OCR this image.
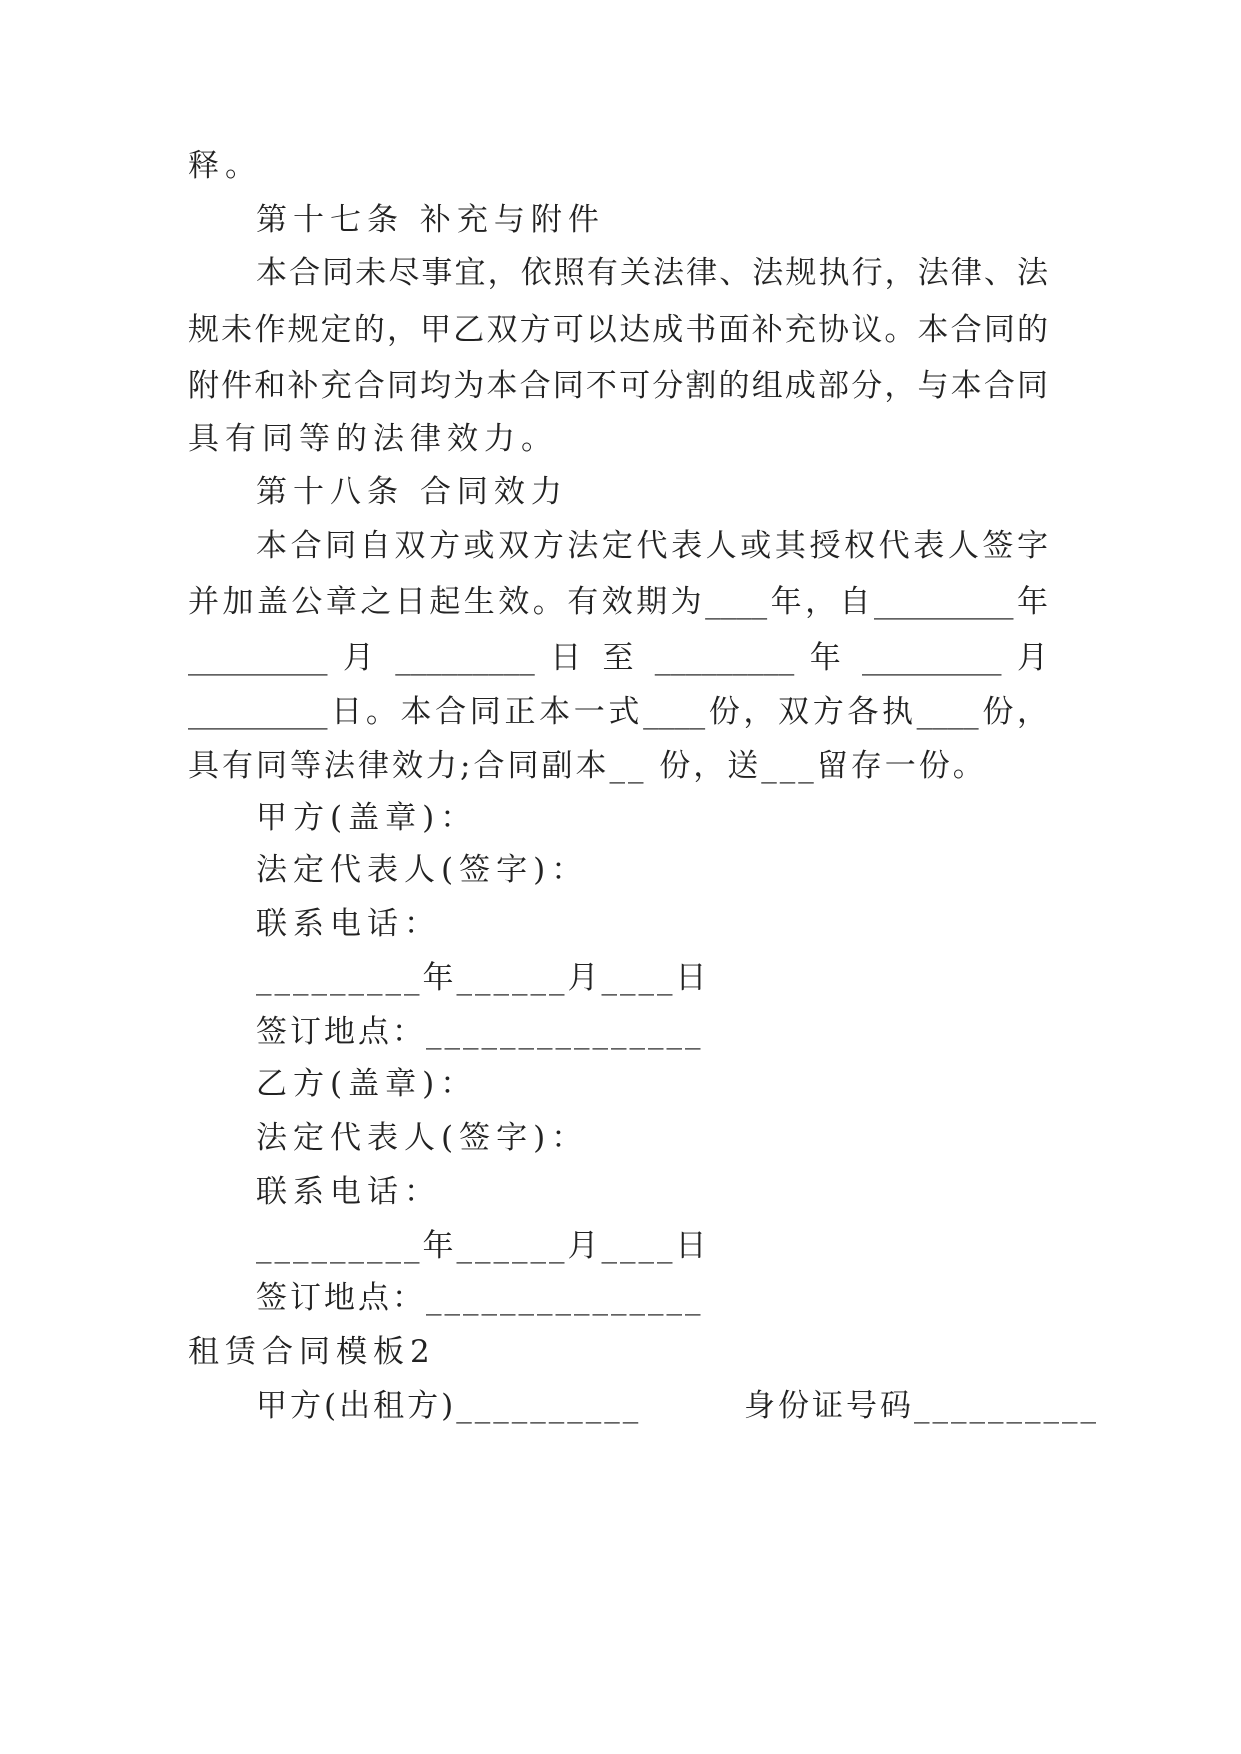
释。
第十七条 补充与附件
本合同未尽事宜，依照有关法律、法规执行，法律、法
规未作规定的，甲乙双方可以达成书面补充协议。本合同的
附件和补充合同均为本合同不可分割的组成部分，与本合同
具有同等的法律效力。
第十八条 合同效力
本合同自双方或双方法定代表人或其授权代表人签字
并加盖公章之日起生效。有效期为____年，自_________年
_________ 月 _________ 日 至 _________ 年 _________ 月
_________日。本合同正本一式____份，双方各执____份，
具有同等法律效力;合同副本__ 份，送___留存一份。
甲方(盖章)：
法定代表人(签字)：
联系电话：
_________年______月____日
签订地点：_______________
乙方(盖章)：
法定代表人(签字)：
联系电话：
_________年______月____日
签订地点：_______________
租赁合同模板2
甲方(出租方)__________        身份证号码__________
